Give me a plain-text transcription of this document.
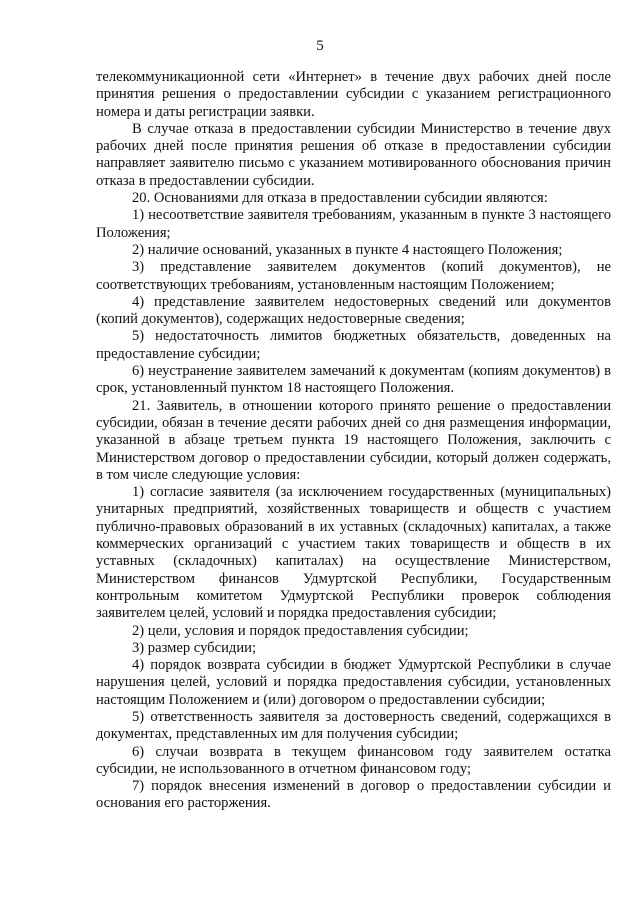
5

телекоммуникационной сети «Интернет» в течение двух рабочих дней после принятия решения о предоставлении субсидии с указанием регистрационного номера и даты регистрации заявки.

В случае отказа в предоставлении субсидии Министерство в течение двух рабочих дней после принятия решения об отказе в предоставлении субсидии направляет заявителю письмо с указанием мотивированного обоснования причин отказа в предоставлении субсидии.

20. Основаниями для отказа в предоставлении субсидии являются:

1) несоответствие заявителя требованиям, указанным в пункте 3 настоящего Положения;

2) наличие оснований, указанных в пункте 4 настоящего Положения;

3) представление заявителем документов (копий документов), не соответствующих требованиям, установленным настоящим Положением;

4) представление заявителем недостоверных сведений или документов (копий документов), содержащих недостоверные сведения;

5) недостаточность лимитов бюджетных обязательств, доведенных на предоставление субсидии;

6) неустранение заявителем замечаний к документам (копиям документов) в срок, установленный пунктом 18 настоящего Положения.

21. Заявитель, в отношении которого принято решение о предоставлении субсидии, обязан в течение десяти рабочих дней со дня размещения информации, указанной в абзаце третьем пункта 19 настоящего Положения, заключить с Министерством договор о предоставлении субсидии, который должен содержать, в том числе следующие условия:

1) согласие заявителя (за исключением государственных (муниципальных) унитарных предприятий, хозяйственных товариществ и обществ с участием публично-правовых образований в их уставных (складочных) капиталах, а также коммерческих организаций с участием таких товариществ и обществ в их уставных (складочных) капиталах) на осуществление Министерством, Министерством финансов Удмуртской Республики, Государственным контрольным комитетом Удмуртской Республики проверок соблюдения заявителем целей, условий и порядка предоставления субсидии;

2) цели, условия и порядок предоставления субсидии;

3) размер субсидии;

4) порядок возврата субсидии в бюджет Удмуртской Республики в случае нарушения целей, условий и порядка предоставления субсидии, установленных настоящим Положением и (или) договором о предоставлении субсидии;

5) ответственность заявителя за достоверность сведений, содержащихся в документах, представленных им для получения субсидии;

6) случаи возврата в текущем финансовом году заявителем остатка субсидии, не использованного в отчетном финансовом году;

7) порядок внесения изменений в договор о предоставлении субсидии и основания его расторжения.
